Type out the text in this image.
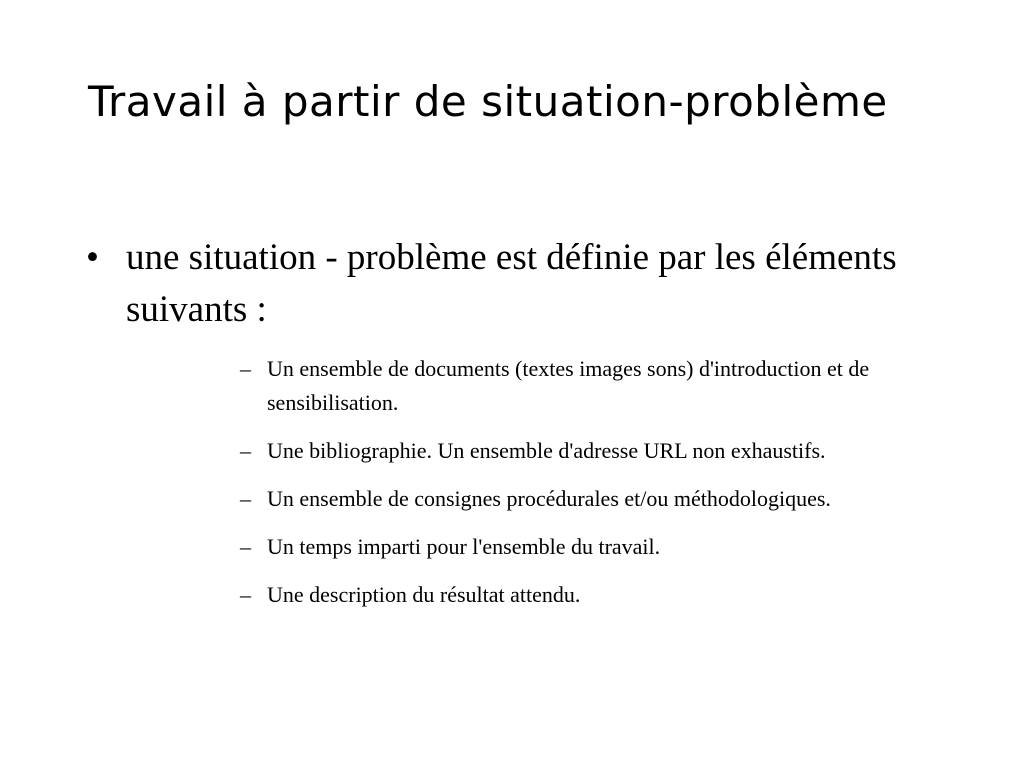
Travail à partir de situation-problème
• une situation - problème est définie par les éléments suivants :
– Un ensemble de documents (textes images sons) d'introduction et de sensibilisation.
– Une bibliographie. Un ensemble d'adresse URL non exhaustifs.
– Un ensemble de consignes procédurales et/ou méthodologiques.
– Un temps imparti pour l'ensemble du travail.
– Une description du résultat attendu.
